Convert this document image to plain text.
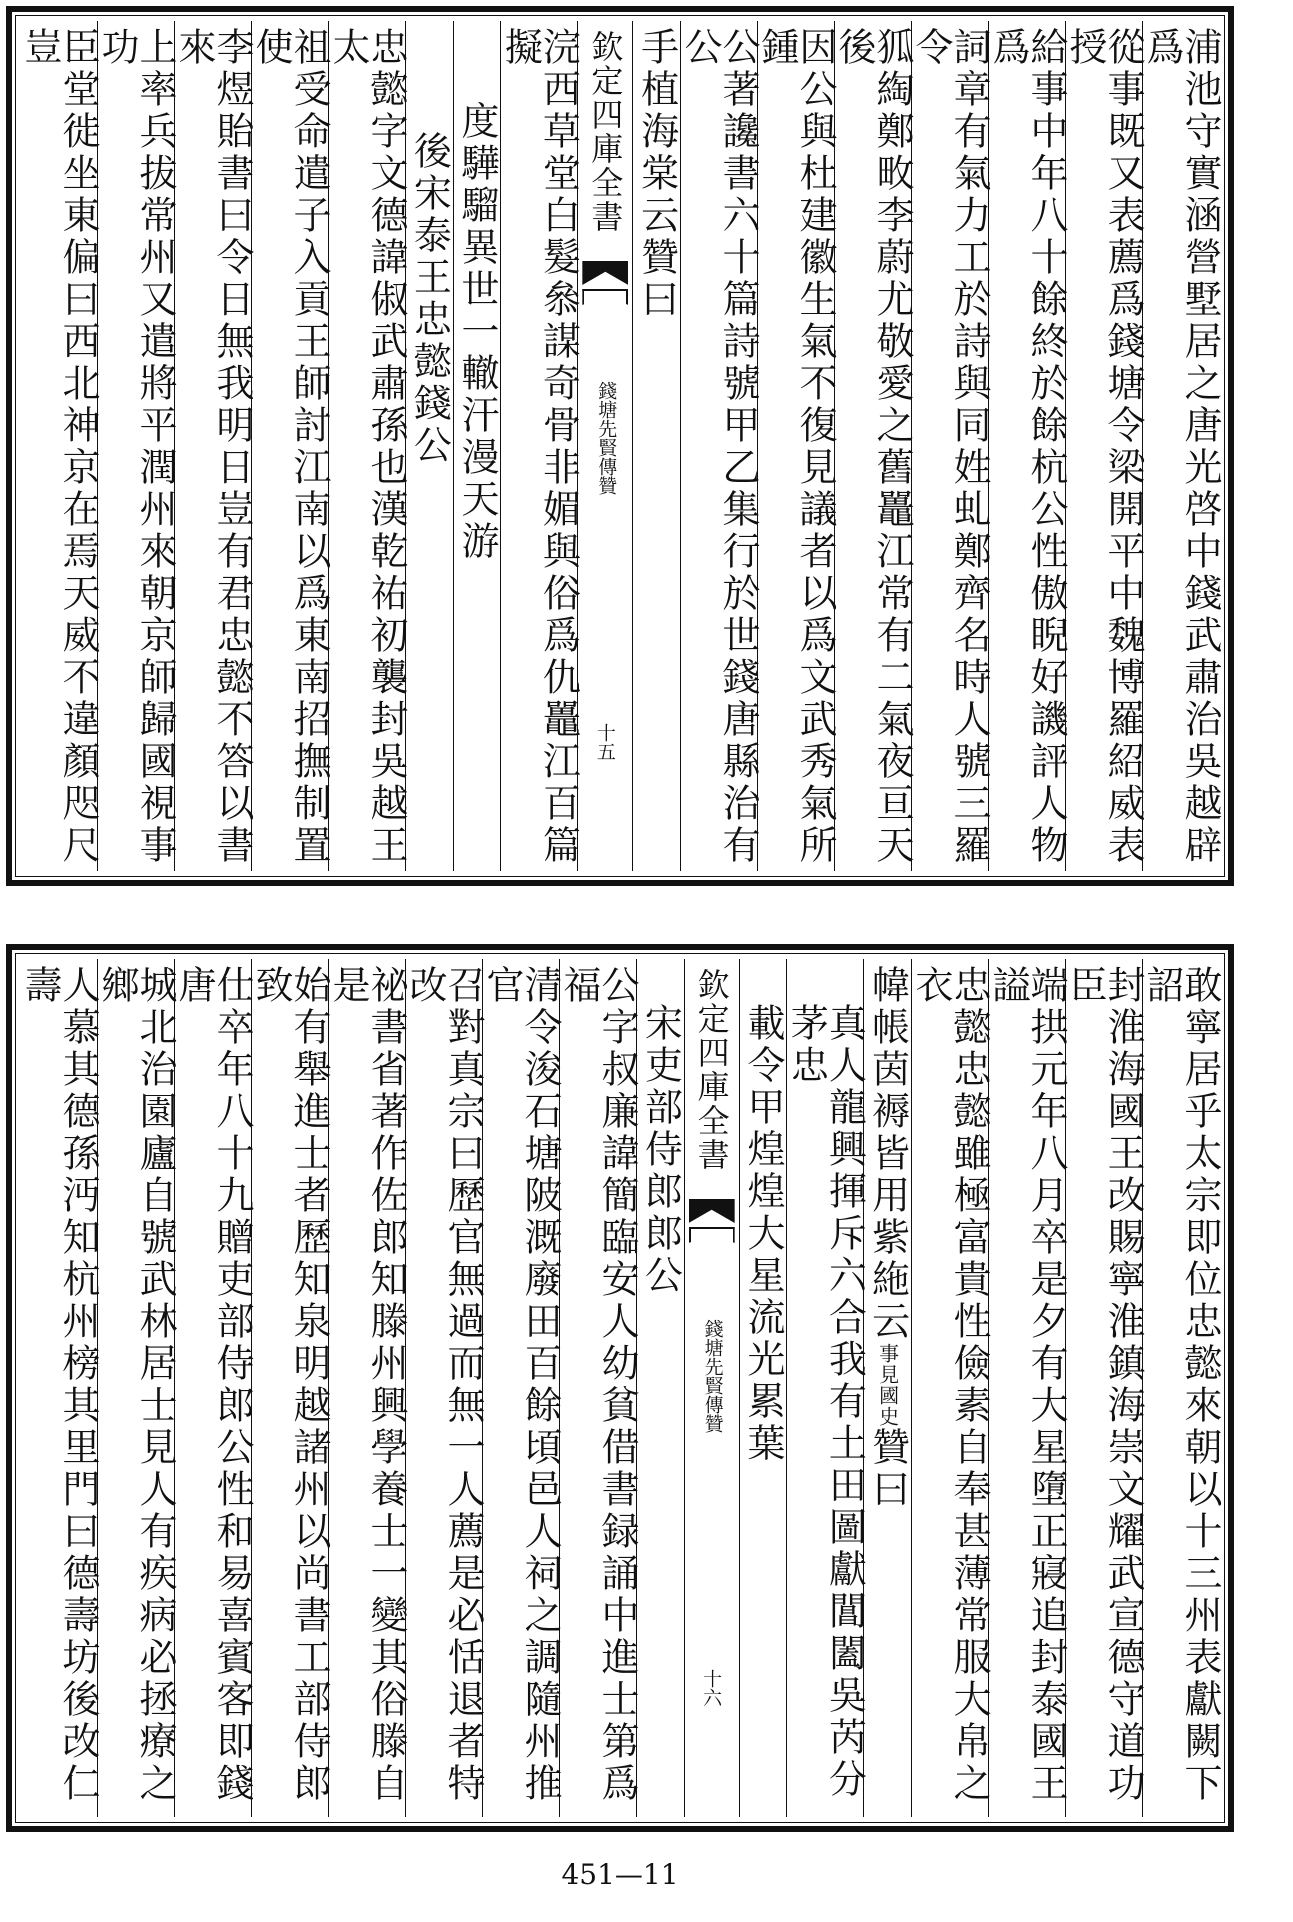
浦池守實涵營墅居之唐光啓中錢武肅治吳越辟爲
從事既又表薦爲錢塘令梁開平中魏博羅紹威表授
給事中年八十餘終於餘杭公性傲睨好譏評人物爲
詞章有氣力工於詩與同姓虬鄭齊名時人號三羅令
狐綯鄭畋李蔚尤敬愛之舊鼉江常有二氣夜亘天後
因公與杜建徽生氣不復見議者以爲文武秀氣所鍾
公著讒書六十篇詩號甲乙集行於世錢唐縣治有公
手植海棠云贊曰
欽定四庫全書
錢塘先賢傳贊
十五
浣西草堂白髮叅謀奇骨非媚與俗爲仇鼉江百篇擬
度驊騮異世一轍汗漫天游
後宋泰王忠懿錢公
忠懿字文德諱俶武肅孫也漢乾祐初襲封吳越王太
祖受命遣子入貢王師討江南以爲東南招撫制置使
李煜貽書曰令日無我明日豈有君忠懿不答以書來
上率兵拔常州又遣將平潤州來朝京師歸國視事功
臣堂徙坐東偏曰西北神京在焉天威不違顏咫尺豈
敢寧居乎太宗即位忠懿來朝以十三州表獻闕下詔
封淮海國王改賜寧淮鎮海崇文耀武宣德守道功臣
端拱元年八月卒是夕有大星墮正寢追封泰國王謚
忠懿忠懿雖極富貴性儉素自奉甚薄常服大帛之衣
幃帳茵褥皆用紫絁云
事見國史
贊曰
真人龍興揮斥六合我有土田圖獻閶闔吳芮分茅忠
載令甲煌煌大星流光累葉
欽定四庫全書
錢塘先賢傳贊
十六
宋吏部侍郎郎公
公字叔廉諱簡臨安人幼貧借書録誦中進士第爲福
清令浚石塘陂溉廢田百餘頃邑人祠之調隨州推官
召對真宗曰歷官無過而無一人薦是必恬退者特改
祕書省著作佐郎知滕州興學養士一變其俗滕自是
始有舉進士者歷知泉明越諸州以尚書工部侍郎致
仕卒年八十九贈吏部侍郎公性和易喜賓客即錢唐
城北治園廬自號武林居士見人有疾病必拯療之鄉
人慕其德孫沔知杭州榜其里門曰德壽坊後改仁壽
451—11
